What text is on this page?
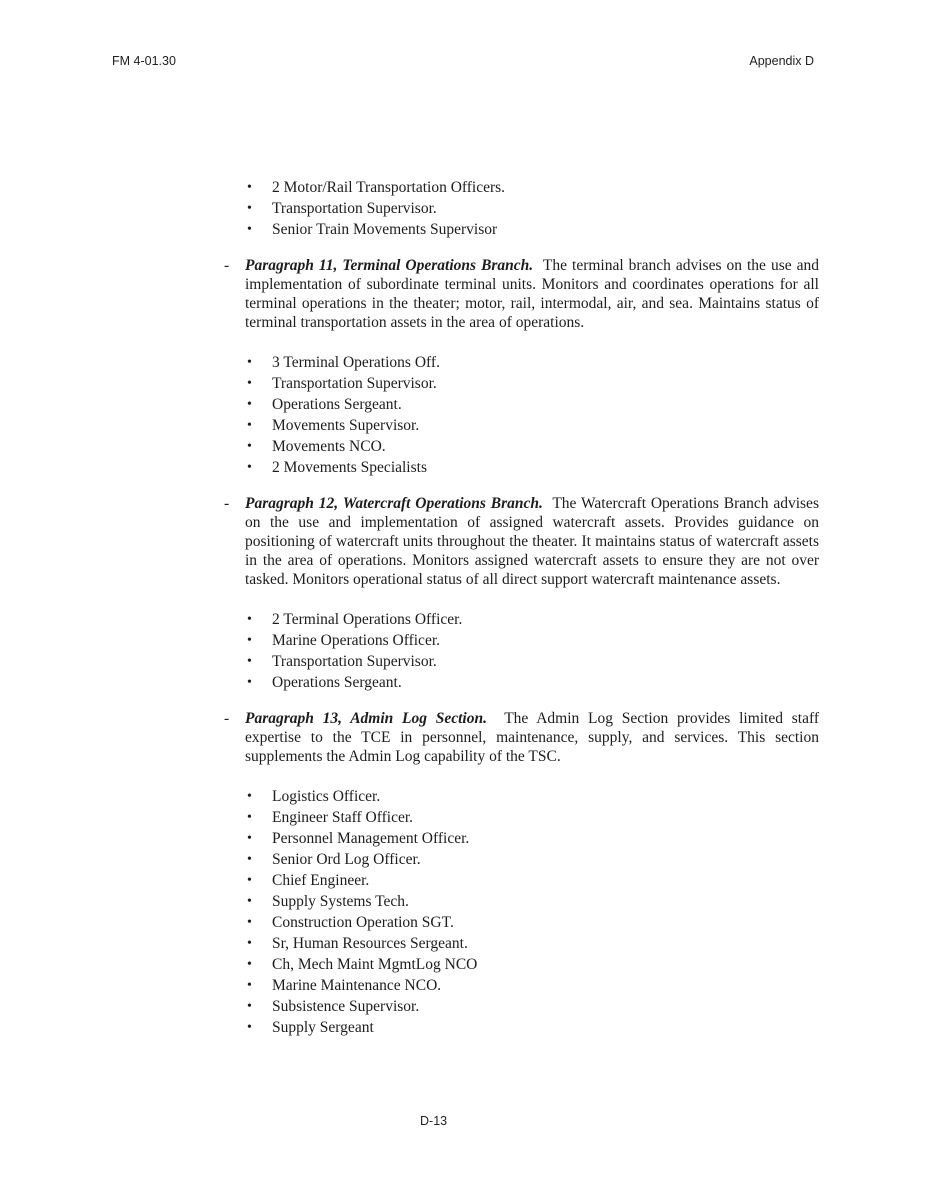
FM 4-01.30	Appendix D
• 2 Motor/Rail Transportation Officers.
• Transportation Supervisor.
• Senior Train Movements Supervisor
- Paragraph 11, Terminal Operations Branch. The terminal branch advises on the use and implementation of subordinate terminal units. Monitors and coordinates operations for all terminal operations in the theater; motor, rail, intermodal, air, and sea. Maintains status of terminal transportation assets in the area of operations.
• 3 Terminal Operations Off.
• Transportation Supervisor.
• Operations Sergeant.
• Movements Supervisor.
• Movements NCO.
• 2 Movements Specialists
- Paragraph 12, Watercraft Operations Branch. The Watercraft Operations Branch advises on the use and implementation of assigned watercraft assets. Provides guidance on positioning of watercraft units throughout the theater. It maintains status of watercraft assets in the area of operations. Monitors assigned watercraft assets to ensure they are not over tasked. Monitors operational status of all direct support watercraft maintenance assets.
• 2 Terminal Operations Officer.
• Marine Operations Officer.
• Transportation Supervisor.
• Operations Sergeant.
- Paragraph 13, Admin Log Section. The Admin Log Section provides limited staff expertise to the TCE in personnel, maintenance, supply, and services. This section supplements the Admin Log capability of the TSC.
• Logistics Officer.
• Engineer Staff Officer.
• Personnel Management Officer.
• Senior Ord Log Officer.
• Chief Engineer.
• Supply Systems Tech.
• Construction Operation SGT.
• Sr, Human Resources Sergeant.
• Ch, Mech Maint MgmtLog NCO
• Marine Maintenance NCO.
• Subsistence Supervisor.
• Supply Sergeant
D-13
